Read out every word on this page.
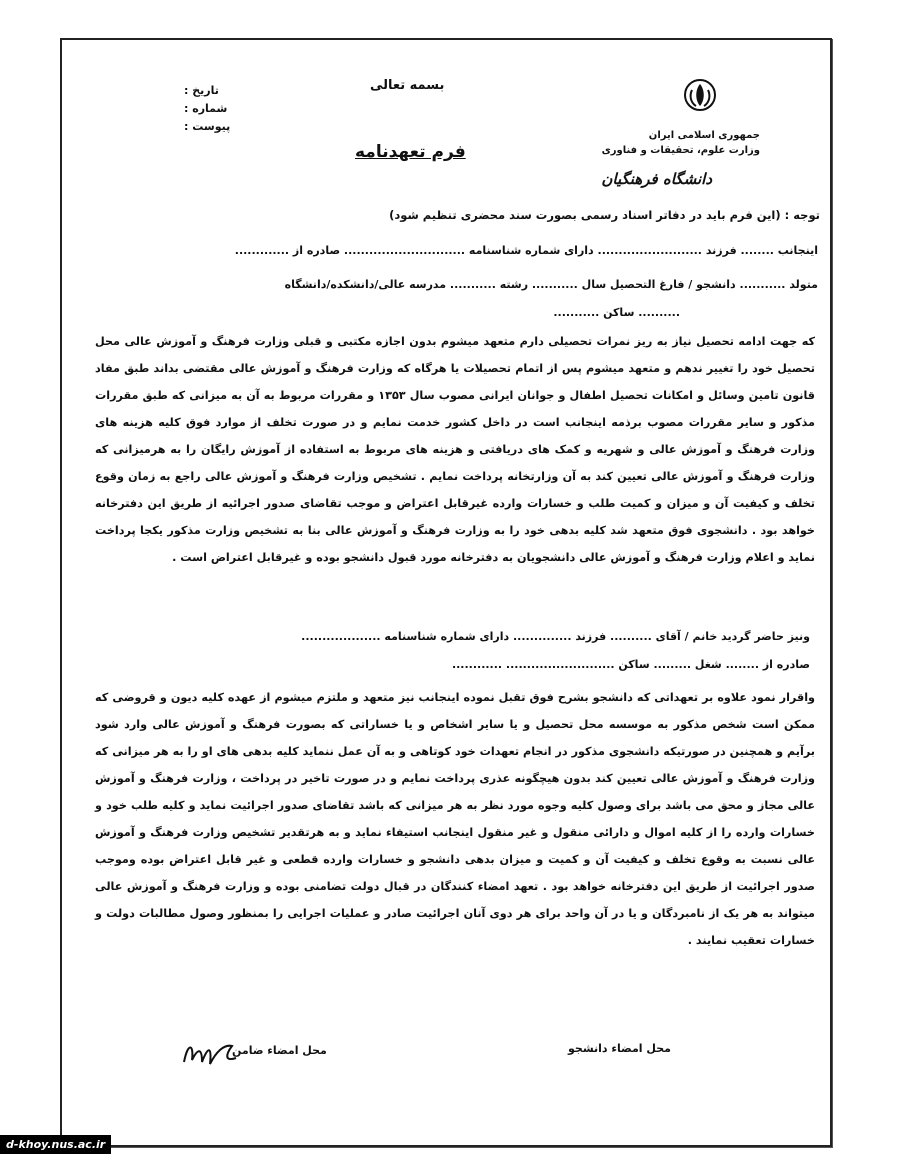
بسمه تعالی
تاریخ :
شماره :
پیوست :
جمهوری اسلامی ایران
وزارت علوم، تحقیقات و فناوری
دانشگاه فرهنگیان
فرم تعهدنامه
توجه : (این فرم باید در دفاتر اسناد رسمی بصورت سند محضری تنظیم شود)
اینجانب ........ فرزند ......................... دارای شماره شناسنامه ............................. صادره از .............
متولد ........... دانشجو / فارغ التحصیل سال ........... رشته ........... مدرسه عالی/دانشکده/دانشگاه
.......... ساکن ...........

که جهت ادامه تحصیل نیاز به ریز نمرات تحصیلی دارم متعهد میشوم بدون اجازه مکتبی و قبلی وزارت فرهنگ و آموزش عالی محل تحصیل خود را تغییر ندهم و متعهد میشوم پس از اتمام تحصیلات یا هرگاه که وزارت فرهنگ و آموزش عالی مقتضی بداند طبق مفاد قانون تامین وسائل و امکانات تحصیل اطفال و جوانان ایرانی مصوب سال ۱۳۵۳ و مقررات مربوط به آن به میزانی که طبق مقررات مذکور و سایر مقررات مصوب برذمه اینجانب است در داخل کشور خدمت نمایم و در صورت تخلف از موارد فوق کلیه هزینه های وزارت فرهنگ و آموزش عالی و شهریه و کمک های دریافتی و هزینه های مربوط به استفاده از آموزش رایگان را به هرمیزانی که وزارت فرهنگ و آموزش عالی تعیین کند به آن وزارتخانه پرداخت نمایم . تشخیص وزارت فرهنگ و آموزش عالی راجع به زمان وقوع تخلف و کیفیت آن و میزان و کمیت طلب و خسارات وارده غیرقابل اعتراض و موجب تقاضای صدور اجرائیه از طریق این دفترخانه خواهد بود . دانشجوی فوق متعهد شد کلیه بدهی خود را به وزارت فرهنگ و آموزش عالی بنا به تشخیص وزارت مذکور یکجا پرداخت نماید و اعلام وزارت فرهنگ و آموزش عالی دانشجویان به دفترخانه مورد قبول دانشجو بوده و غیرقابل اعتراض است .

ونیز حاضر گردید خانم / آقای .......... فرزند .............. دارای شماره شناسنامه ...................
صادره از ........ شغل ......... ساکن .......................... ............

واقرار نمود علاوه بر تعهداتی که دانشجو بشرح فوق تقبل نموده اینجانب نیز متعهد و ملتزم میشوم از عهده کلیه دیون و قروضی که ممکن است شخص مذکور به موسسه محل تحصیل و یا سایر اشخاص و یا خساراتی که بصورت فرهنگ و آموزش عالی وارد شود برآیم و همچنین در صورتیکه دانشجوی مذکور در انجام تعهدات خود کوتاهی و به آن عمل ننماید کلیه بدهی های او را به هر میزانی که وزارت فرهنگ و آموزش عالی تعیین کند بدون هیچگونه عذری پرداخت نمایم و در صورت تاخیر در پرداخت ، وزارت فرهنگ و آموزش عالی مجاز و محق می باشد برای وصول کلیه وجوه مورد نظر به هر میزانی که باشد تقاضای صدور اجرائیت نماید و کلیه طلب خود و خسارات وارده را از کلیه اموال و دارائی منقول و غیر منقول اینجانب استیفاء نماید و به هرتقدیر تشخیص وزارت فرهنگ و آموزش عالی نسبت به وقوع تخلف و کیفیت آن و کمیت و میزان بدهی دانشجو و خسارات وارده قطعی و غیر قابل اعتراض بوده وموجب صدور اجرائیت از طریق این دفترخانه خواهد بود . تعهد امضاء کنندگان در قبال دولت تضامنی بوده و وزارت فرهنگ و آموزش عالی میتواند به هر یک از نامبردگان و یا در آن واحد برای هر دوی آنان اجرائیت صادر و عملیات اجرایی را بمنظور وصول مطالبات دولت و خسارات تعقیب نمایند .

محل امضاء ضامن	محل امضاء دانشجو
d-khoy.nus.ac.ir
